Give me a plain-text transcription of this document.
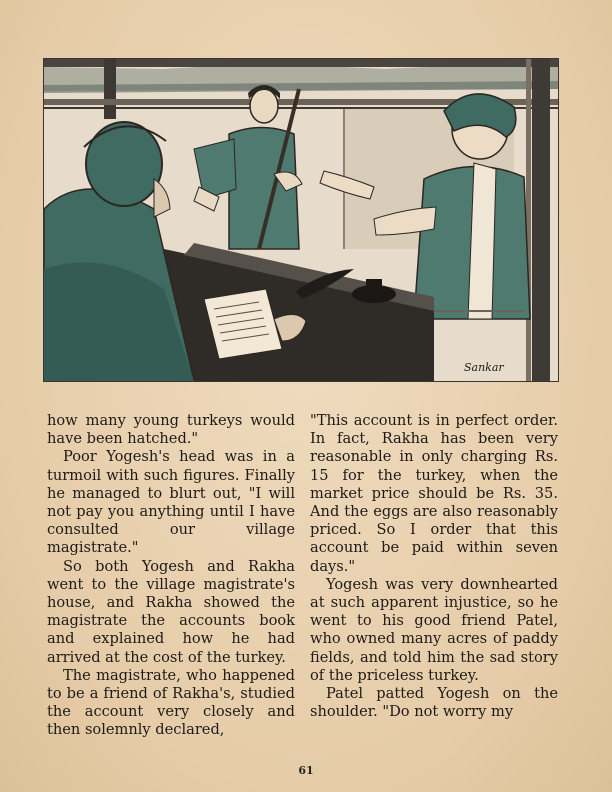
Sankar

how many young turkeys would have been hatched."

Poor Yogesh's head was in a turmoil with such figures. Finally he managed to blurt out, "I will not pay you anything until I have consulted our village magistrate."

So both Yogesh and Rakha went to the village magistrate's house, and Rakha showed the magistrate the accounts book and explained how he had arrived at the cost of the turkey.

The magistrate, who happened to be a friend of Rakha's, studied the account very closely and then solemnly declared,

"This account is in perfect order. In fact, Rakha has been very reasonable in only charging Rs. 15 for the turkey, when the market price should be Rs. 35. And the eggs are also reasonably priced. So I order that this account be paid within seven days."

Yogesh was very downhearted at such apparent injustice, so he went to his good friend Patel, who owned many acres of paddy fields, and told him the sad story of the priceless turkey.

Patel patted Yogesh on the shoulder. "Do not worry my

61
